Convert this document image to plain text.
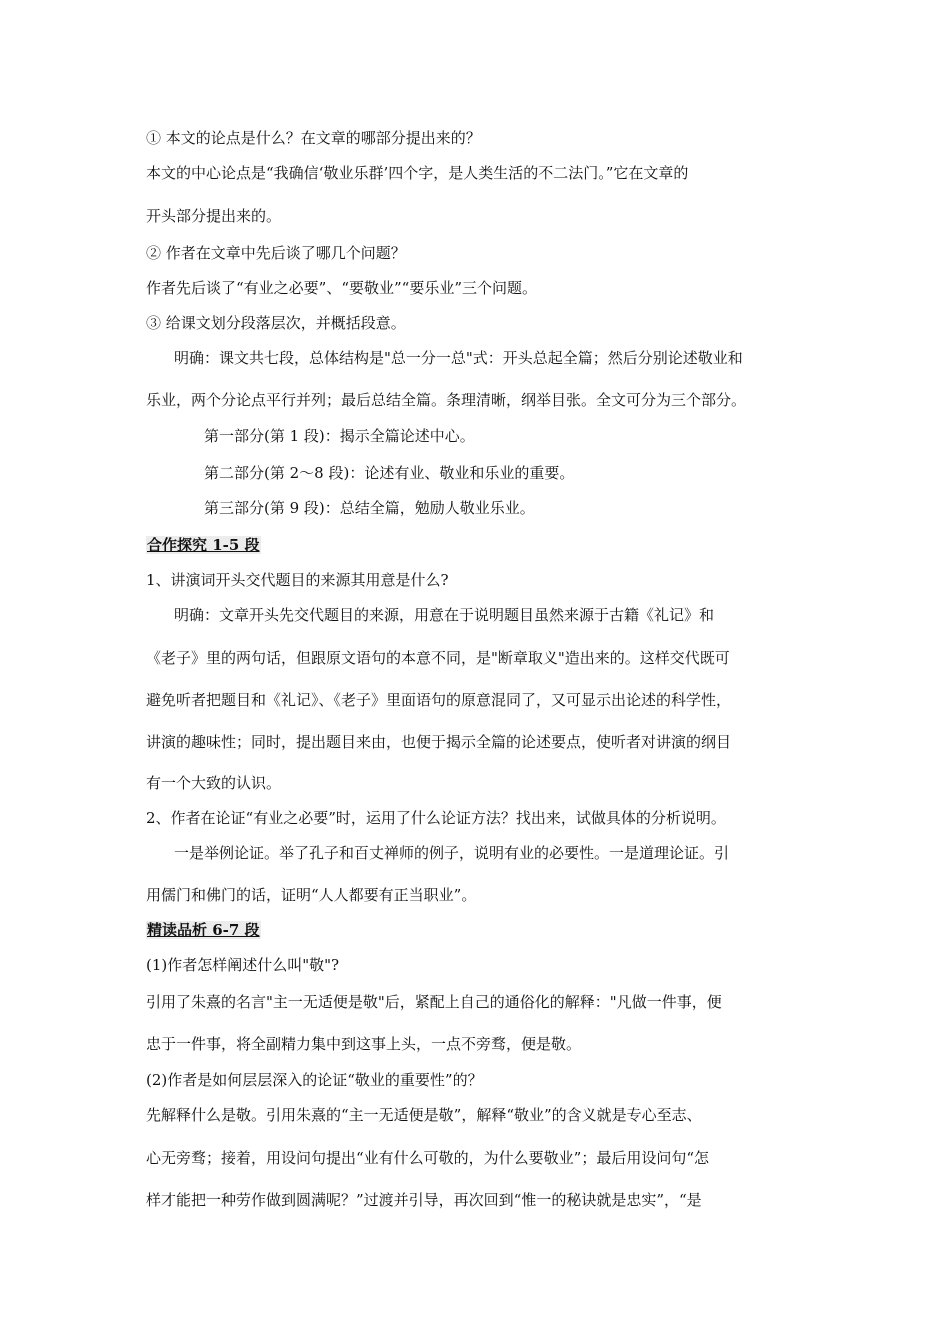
① 本文的论点是什么？在文章的哪部分提出来的？
本文的中心论点是“我确信‘敬业乐群’四个字，是人类生活的不二法门。”它在文章的
开头部分提出来的。
② 作者在文章中先后谈了哪几个问题？
作者先后谈了“有业之必要”、“要敬业”“要乐业”三个问题。
③ 给课文划分段落层次，并概括段意。
明确：课文共七段，总体结构是"总一分一总"式：开头总起全篇；然后分别论述敬业和
乐业，两个分论点平行并列；最后总结全篇。条理清晰，纲举目张。全文可分为三个部分。
第一部分(第 1 段)：揭示全篇论述中心。
第二部分(第 2～8 段)：论述有业、敬业和乐业的重要。
第三部分(第 9 段)：总结全篇，勉励人敬业乐业。
合作探究 1-5 段
1、讲演词开头交代题目的来源其用意是什么?
明确：文章开头先交代题目的来源，用意在于说明题目虽然来源于古籍《礼记》和
《老子》里的两句话，但跟原文语句的本意不同，是"断章取义"造出来的。这样交代既可
避免听者把题目和《礼记》、《老子》里面语句的原意混同了，又可显示出论述的科学性，
讲演的趣味性；同时，提出题目来由，也便于揭示全篇的论述要点，使听者对讲演的纲目
有一个大致的认识。
2、作者在论证“有业之必要”时，运用了什么论证方法？找出来，试做具体的分析说明。
一是举例论证。举了孔子和百丈禅师的例子，说明有业的必要性。一是道理论证。引
用儒门和佛门的话，证明“人人都要有正当职业”。
精读品析 6-7 段
(1)作者怎样阐述什么叫"敬"?
引用了朱熹的名言"主一无适便是敬"后，紧配上自己的通俗化的解释："凡做一件事，便
忠于一件事，将全副精力集中到这事上头，一点不旁骛，便是敬。
(2)作者是如何层层深入的论证“敬业的重要性”的？
先解释什么是敬。引用朱熹的“主一无适便是敬”，解释“敬业”的含义就是专心至志、
心无旁骛；接着，用设问句提出“业有什么可敬的，为什么要敬业”；最后用设问句“怎
样才能把一种劳作做到圆满呢？”过渡并引导，再次回到“惟一的秘诀就是忠实”，“是
